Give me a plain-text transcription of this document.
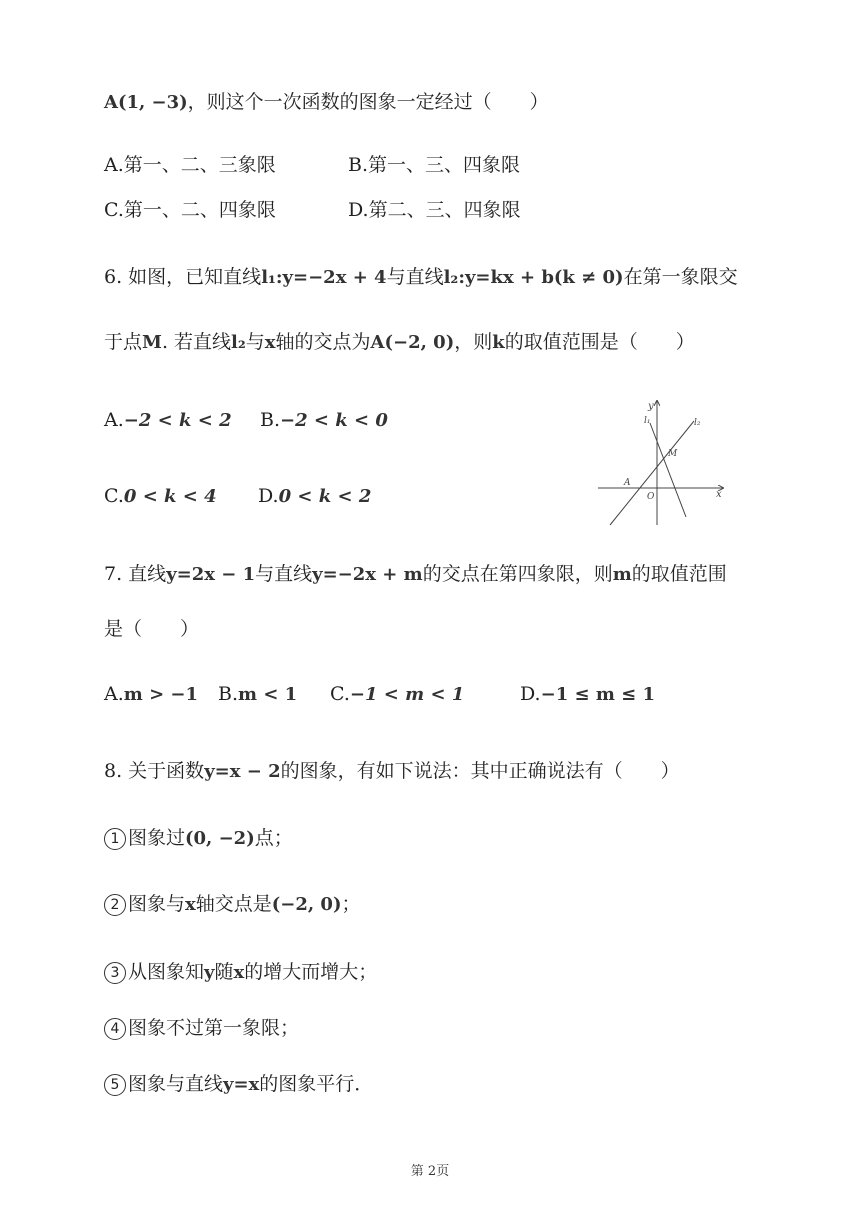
A(1, −3)，则这个一次函数的图象一定经过（　　）
A.第一、二、三象限	B.第一、三、四象限
C.第一、二、四象限	D.第二、三、四象限
6. 如图，已知直线l₁:y=−2x + 4与直线l₂:y=kx + b(k ≠ 0)在第一象限交
于点M. 若直线l₂与x轴的交点为A(−2, 0)，则k的取值范围是（　　）
A.−2 < k < 2 B.−2 < k < 0
C.0 < k < 4 D.0 < k < 2
y
x
l₁	l₂
M
A
O
7. 直线y=2x − 1与直线y=−2x + m的交点在第四象限，则m的取值范围
是（　　）
A.m > −1 B.m < 1 C.−1 < m < 1	D.−1 ≤ m ≤ 1
8. 关于函数y=x − 2的图象，有如下说法：其中正确说法有（　　）
1 图象过(0, −2)点；
2 图象与x轴交点是(−2, 0)；
3 从图象知y随x的增大而增大；
4 图象不过第一象限；
5 图象与直线y=x的图象平行．
第 2页
